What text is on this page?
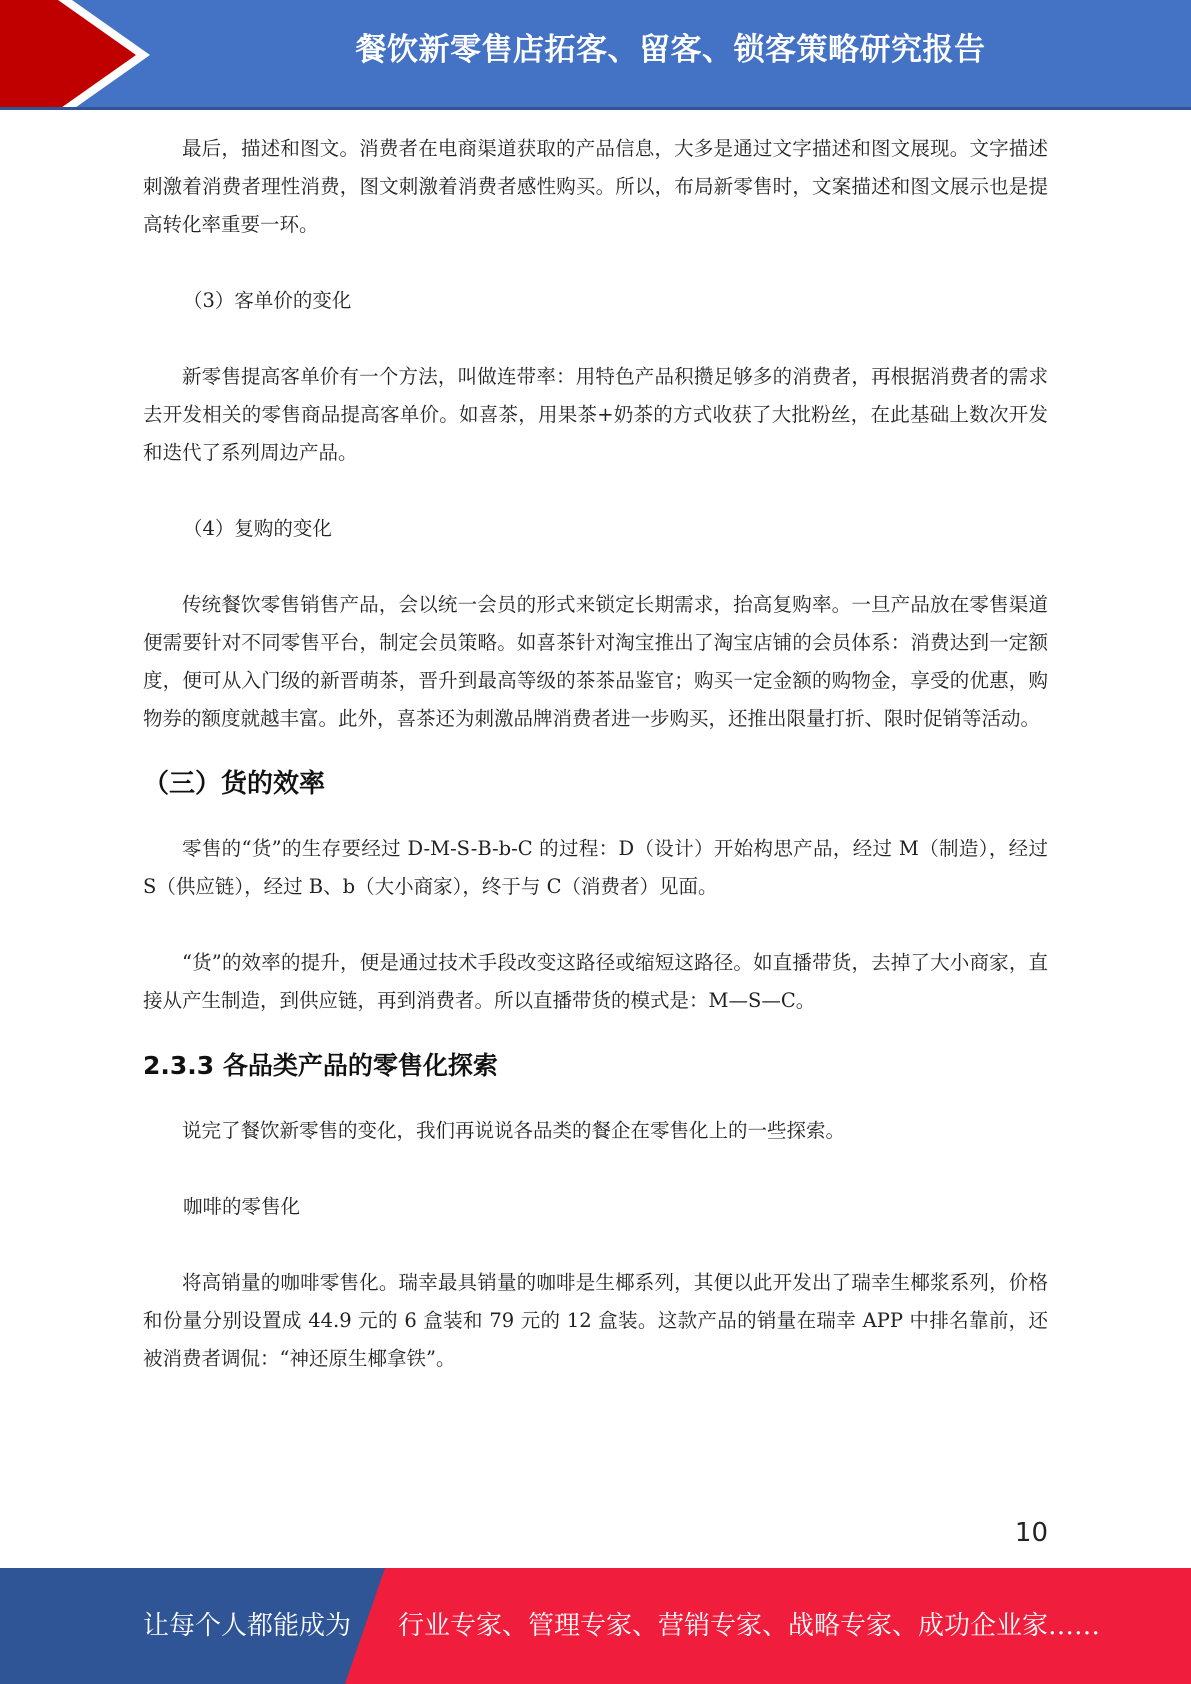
餐饮新零售店拓客、留客、锁客策略研究报告

最后，描述和图文。消费者在电商渠道获取的产品信息，大多是通过文字描述和图文展现。文字描述刺激着消费者理性消费，图文刺激着消费者感性购买。所以，布局新零售时，文案描述和图文展示也是提高转化率重要一环。

（3）客单价的变化

新零售提高客单价有一个方法，叫做连带率：用特色产品积攒足够多的消费者，再根据消费者的需求去开发相关的零售商品提高客单价。如喜茶，用果茶+奶茶的方式收获了大批粉丝，在此基础上数次开发和迭代了系列周边产品。

（4）复购的变化

传统餐饮零售销售产品，会以统一会员的形式来锁定长期需求，抬高复购率。一旦产品放在零售渠道便需要针对不同零售平台，制定会员策略。如喜茶针对淘宝推出了淘宝店铺的会员体系：消费达到一定额度，便可从入门级的新晋萌茶，晋升到最高等级的茶茶品鉴官；购买一定金额的购物金，享受的优惠，购物券的额度就越丰富。此外，喜茶还为刺激品牌消费者进一步购买，还推出限量打折、限时促销等活动。

（三）货的效率

零售的“货”的生存要经过 D-M-S-B-b-C 的过程：D（设计）开始构思产品，经过 M（制造），经过 S（供应链），经过 B、b（大小商家），终于与 C（消费者）见面。

“货”的效率的提升，便是通过技术手段改变这路径或缩短这路径。如直播带货，去掉了大小商家，直接从产生制造，到供应链，再到消费者。所以直播带货的模式是：M—S—C。

2.3.3 各品类产品的零售化探索

说完了餐饮新零售的变化，我们再说说各品类的餐企在零售化上的一些探索。

咖啡的零售化

将高销量的咖啡零售化。瑞幸最具销量的咖啡是生椰系列，其便以此开发出了瑞幸生椰浆系列，价格和份量分别设置成 44.9 元的 6 盒装和 79 元的 12 盒装。这款产品的销量在瑞幸 APP 中排名靠前，还被消费者调侃：“神还原生椰拿铁”。

10
让每个人都能成为 行业专家、管理专家、营销专家、战略专家、成功企业家……
